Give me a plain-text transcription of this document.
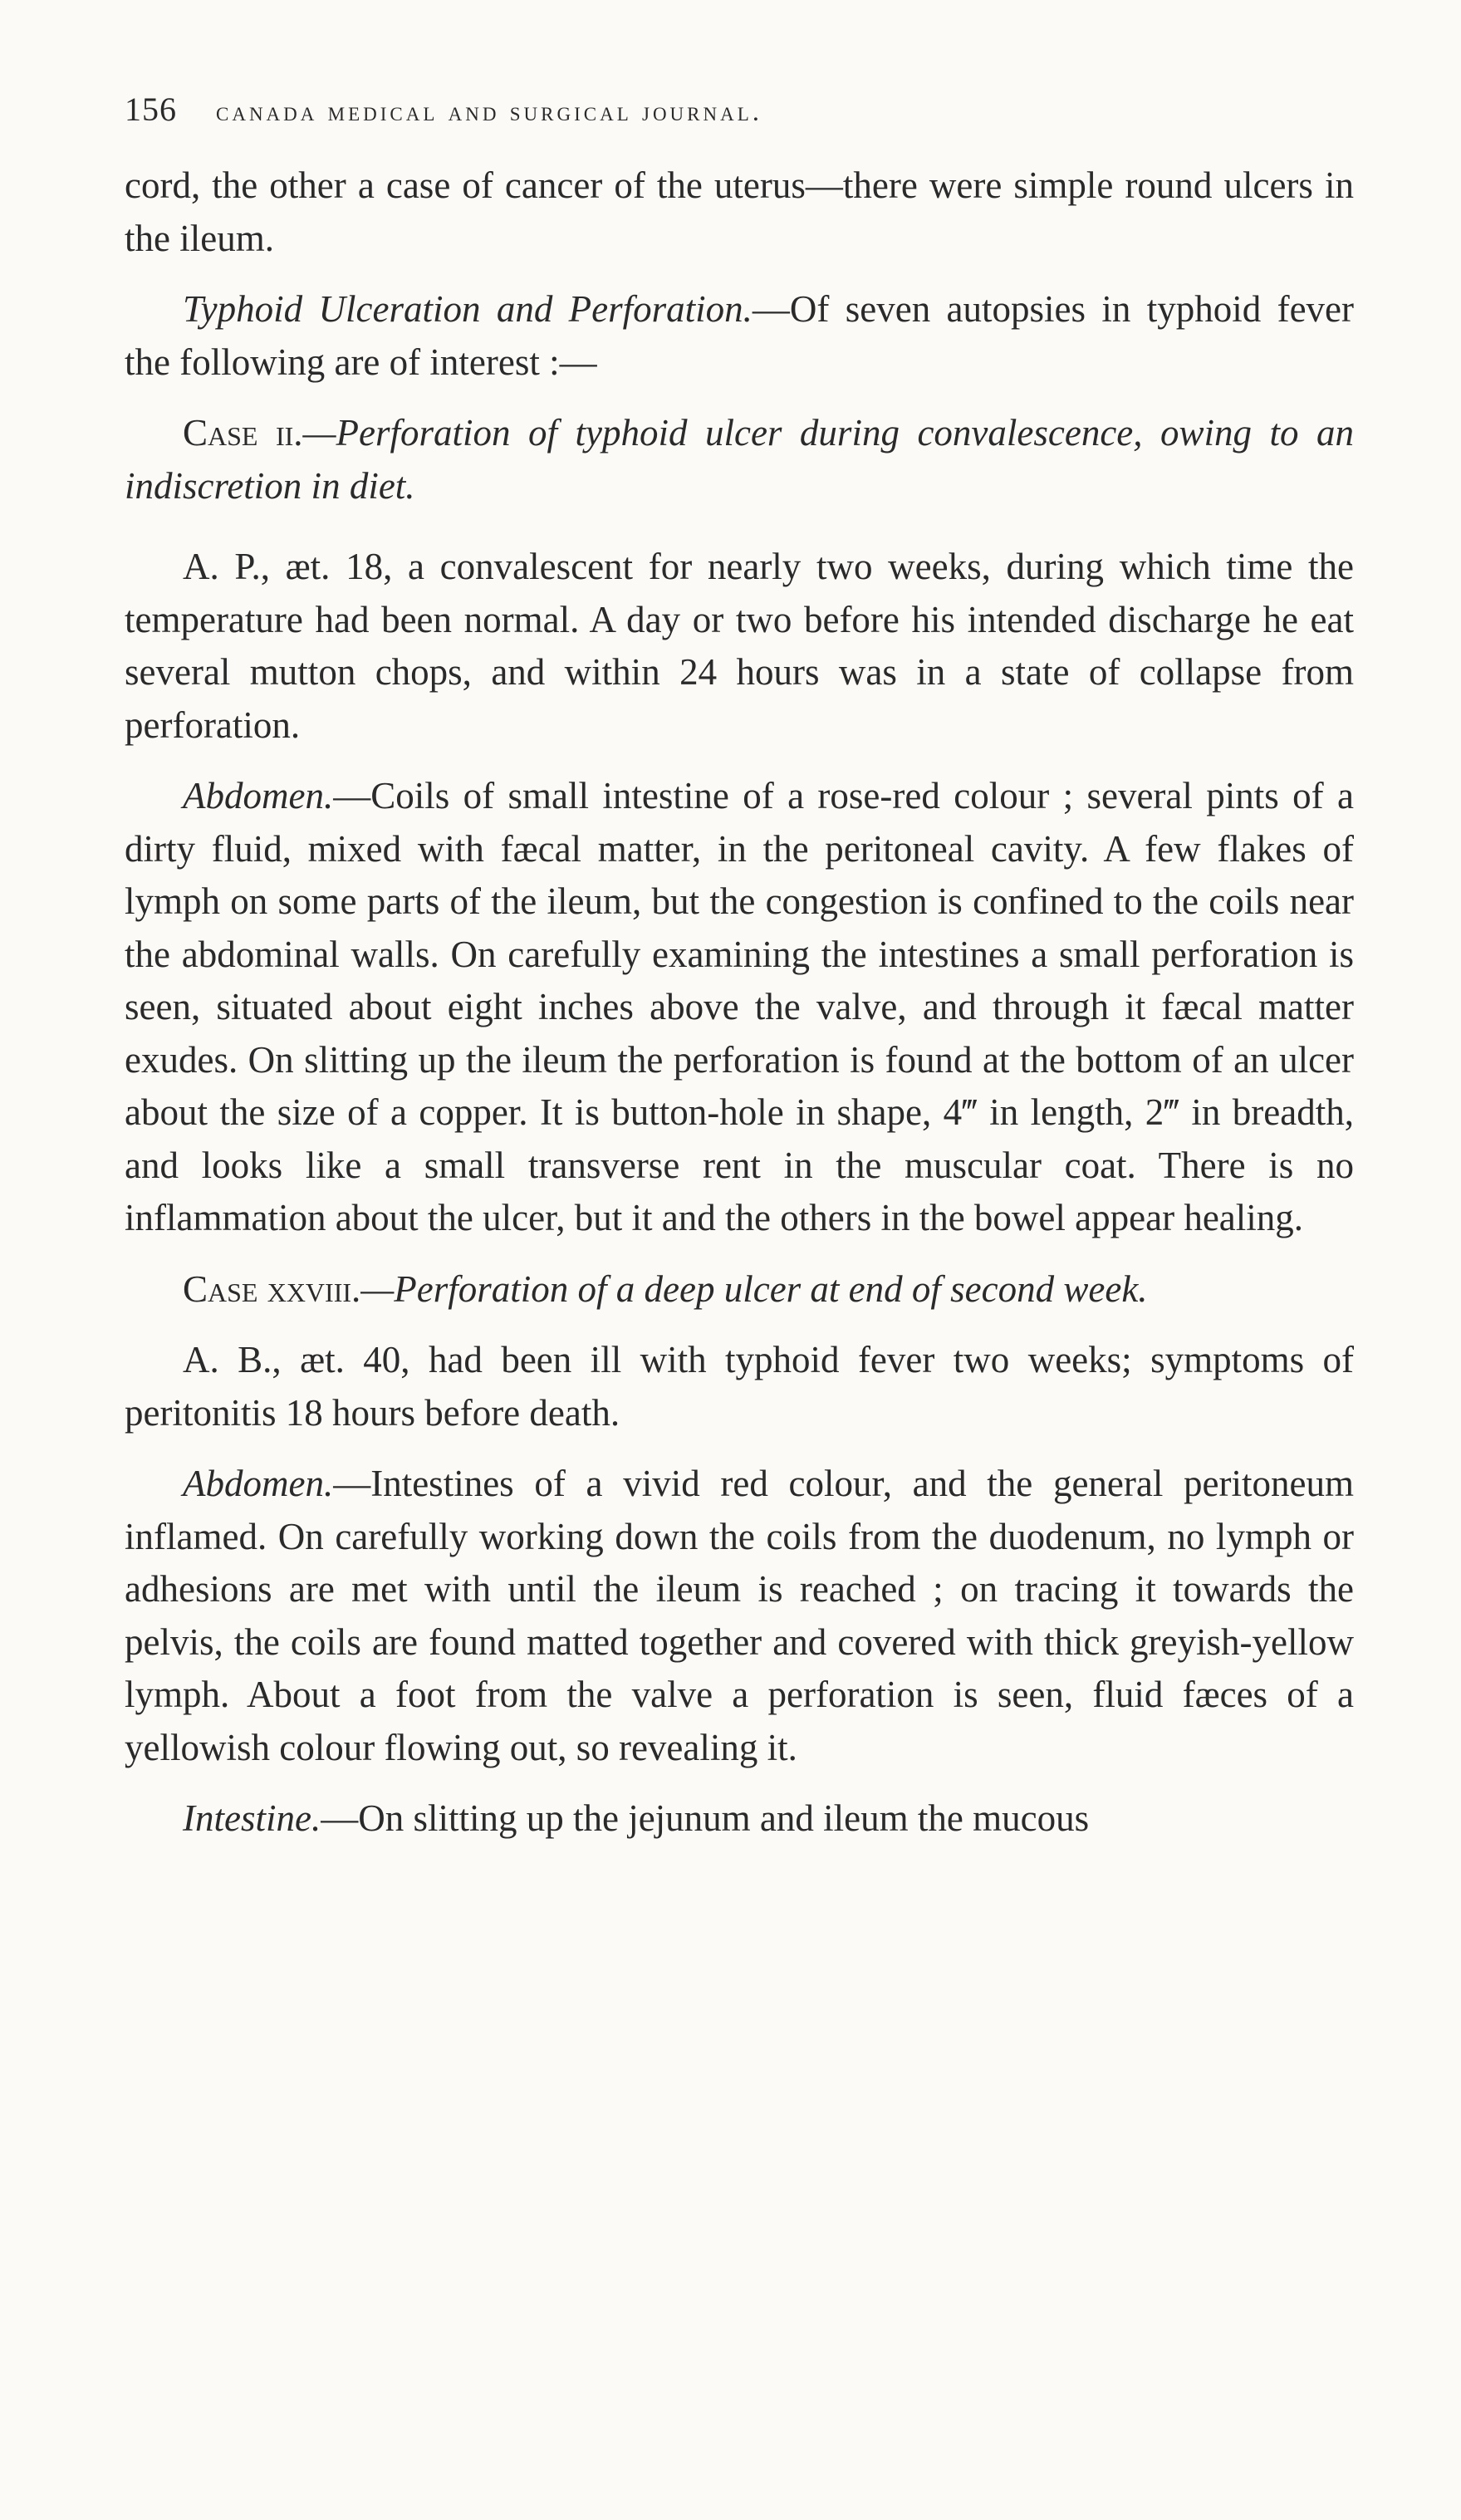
156	canada medical and surgical journal.

cord, the other a case of cancer of the uterus—there were simple round ulcers in the ileum.

Typhoid Ulceration and Perforation.—Of seven autopsies in typhoid fever the following are of interest :—

Case ii.—Perforation of typhoid ulcer during convalescence, owing to an indiscretion in diet.

A. P., æt. 18, a convalescent for nearly two weeks, during which time the temperature had been normal. A day or two before his intended discharge he eat several mutton chops, and within 24 hours was in a state of collapse from perforation.

Abdomen.—Coils of small intestine of a rose-red colour ; several pints of a dirty fluid, mixed with fæcal matter, in the peritoneal cavity. A few flakes of lymph on some parts of the ileum, but the congestion is confined to the coils near the abdominal walls. On carefully examining the intestines a small perforation is seen, situated about eight inches above the valve, and through it fæcal matter exudes. On slitting up the ileum the perforation is found at the bottom of an ulcer about the size of a copper. It is button-hole in shape, 4‴ in length, 2‴ in breadth, and looks like a small transverse rent in the muscular coat. There is no inflammation about the ulcer, but it and the others in the bowel appear healing.

Case xxviii.—Perforation of a deep ulcer at end of second week.

A. B., æt. 40, had been ill with typhoid fever two weeks; symptoms of peritonitis 18 hours before death.

Abdomen.—Intestines of a vivid red colour, and the general peritoneum inflamed. On carefully working down the coils from the duodenum, no lymph or adhesions are met with until the ileum is reached ; on tracing it towards the pelvis, the coils are found matted together and covered with thick greyish-yellow lymph. About a foot from the valve a perforation is seen, fluid fæces of a yellowish colour flowing out, so revealing it.

Intestine.—On slitting up the jejunum and ileum the mucous
